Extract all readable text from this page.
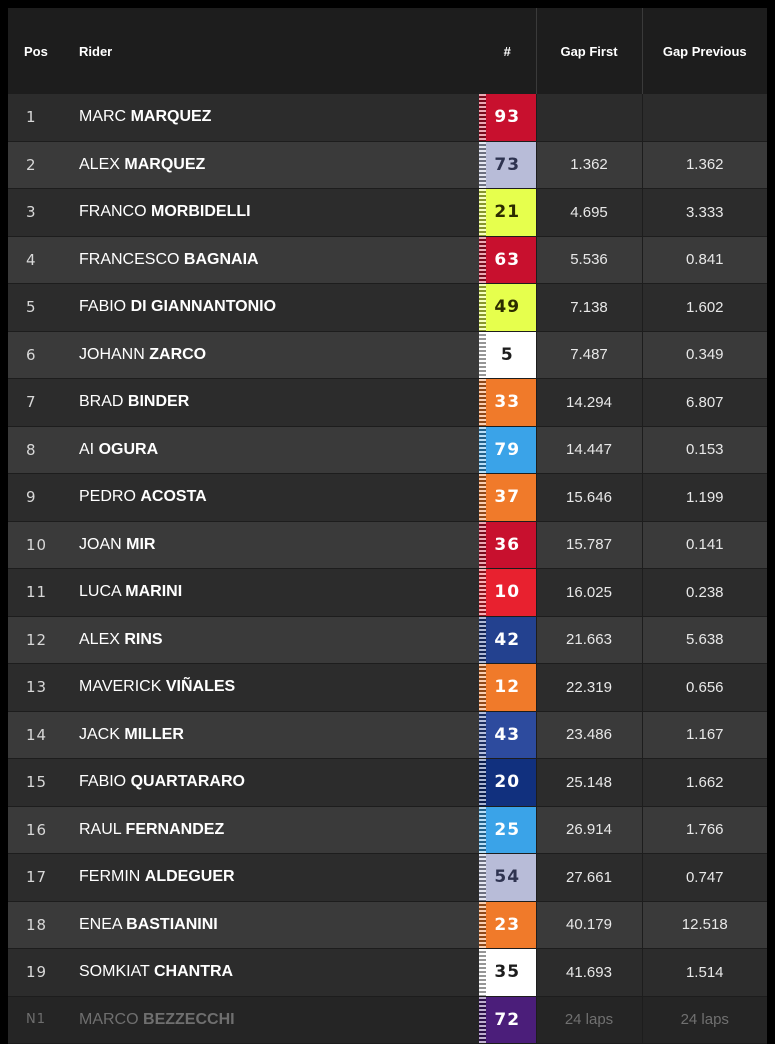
Pos	Rider	#	Gap First	Gap Previous
1	MARC MARQUEZ	93		

2	ALEX MARQUEZ	73	1.362	1.362
3	FRANCO MORBIDELLI	21	4.695	3.333
4	FRANCESCO BAGNAIA	63	5.536	0.841
5	FABIO DI GIANNANTONIO	49	7.138	1.602
6	JOHANN ZARCO	5	7.487	0.349
7	BRAD BINDER	33	14.294	6.807
8	AI OGURA	79	14.447	0.153
9	PEDRO ACOSTA	37	15.646	1.199
10	JOAN MIR	36	15.787	0.141
11	LUCA MARINI	10	16.025	0.238
12	ALEX RINS	42	21.663	5.638
13	MAVERICK VIÑALES	12	22.319	0.656
14	JACK MILLER	43	23.486	1.167
15	FABIO QUARTARARO	20	25.148	1.662
16	RAUL FERNANDEZ	25	26.914	1.766
17	FERMIN ALDEGUER	54	27.661	0.747
18	ENEA BASTIANINI	23	40.179	12.518
19	SOMKIAT CHANTRA	35	41.693	1.514
N1	MARCO BEZZECCHI	72	24 laps	24 laps
